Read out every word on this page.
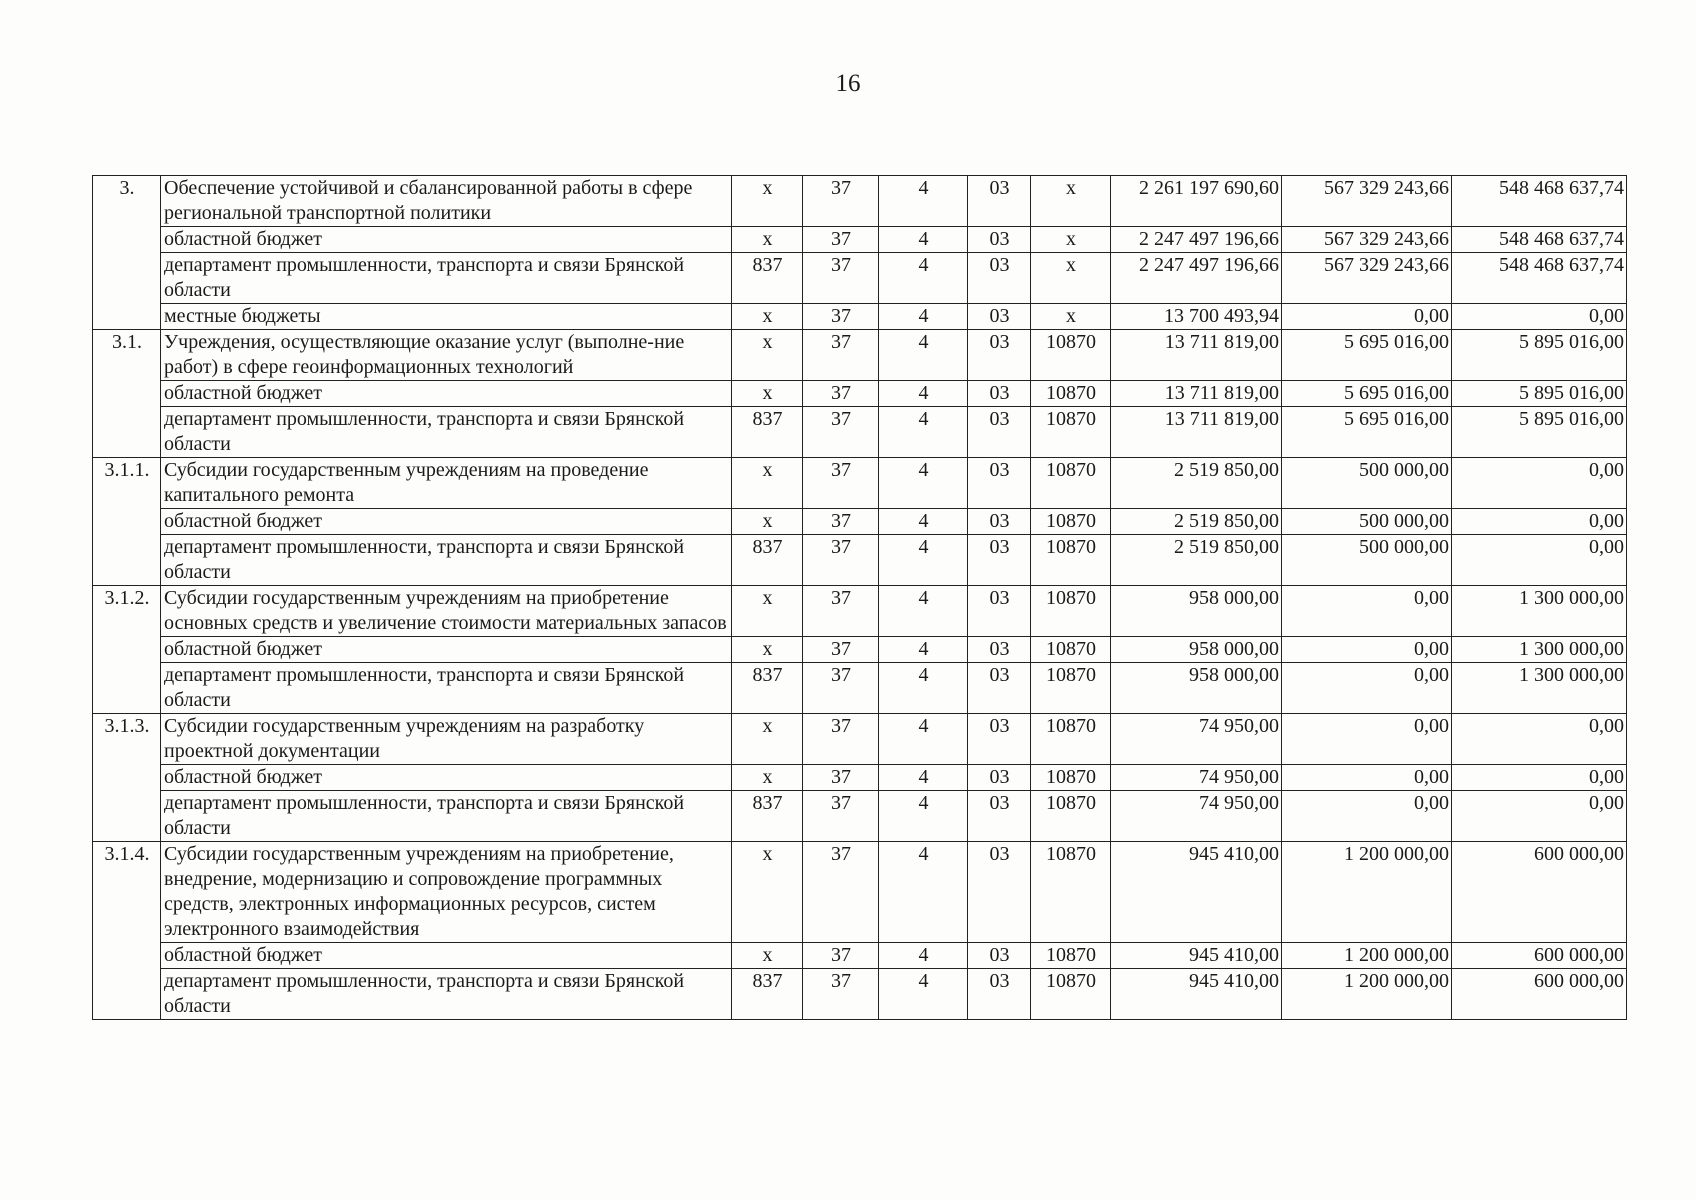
16
3.	Обеспечение устойчивой и сбалансированной работы в сфере региональной транспортной политики	х	37	4	03	х	2 261 197 690,60	567 329 243,66	548 468 637,74
	областной бюджет	х	37	4	03	х	2 247 497 196,66	567 329 243,66	548 468 637,74
	департамент промышленности, транспорта и связи Брянской области	837	37	4	03	х	2 247 497 196,66	567 329 243,66	548 468 637,74
	местные бюджеты	х	37	4	03	х	13 700 493,94	0,00	0,00
3.1.	Учреждения, осуществляющие оказание услуг (выполне-ние работ) в сфере геоинформационных технологий	х	37	4	03	10870	13 711 819,00	5 695 016,00	5 895 016,00
	областной бюджет	х	37	4	03	10870	13 711 819,00	5 695 016,00	5 895 016,00
	департамент промышленности, транспорта и связи Брянской области	837	37	4	03	10870	13 711 819,00	5 695 016,00	5 895 016,00
3.1.1.	Субсидии государственным учреждениям на проведение капитального ремонта	х	37	4	03	10870	2 519 850,00	500 000,00	0,00
	областной бюджет	х	37	4	03	10870	2 519 850,00	500 000,00	0,00
	департамент промышленности, транспорта и связи Брянской области	837	37	4	03	10870	2 519 850,00	500 000,00	0,00
3.1.2.	Субсидии государственным учреждениям на приобретение основных средств и увеличение стоимости материальных запасов	х	37	4	03	10870	958 000,00	0,00	1 300 000,00
	областной бюджет	х	37	4	03	10870	958 000,00	0,00	1 300 000,00
	департамент промышленности, транспорта и связи Брянской области	837	37	4	03	10870	958 000,00	0,00	1 300 000,00
3.1.3.	Субсидии государственным учреждениям на разработку проектной документации	х	37	4	03	10870	74 950,00	0,00	0,00
	областной бюджет	х	37	4	03	10870	74 950,00	0,00	0,00
	департамент промышленности, транспорта и связи Брянской области	837	37	4	03	10870	74 950,00	0,00	0,00
3.1.4.	Субсидии государственным учреждениям на приобретение, внедрение, модернизацию и сопровождение программных средств, электронных информационных ресурсов, систем электронного взаимодействия	х	37	4	03	10870	945 410,00	1 200 000,00	600 000,00
	областной бюджет	х	37	4	03	10870	945 410,00	1 200 000,00	600 000,00
	департамент промышленности, транспорта и связи Брянской области	837	37	4	03	10870	945 410,00	1 200 000,00	600 000,00
